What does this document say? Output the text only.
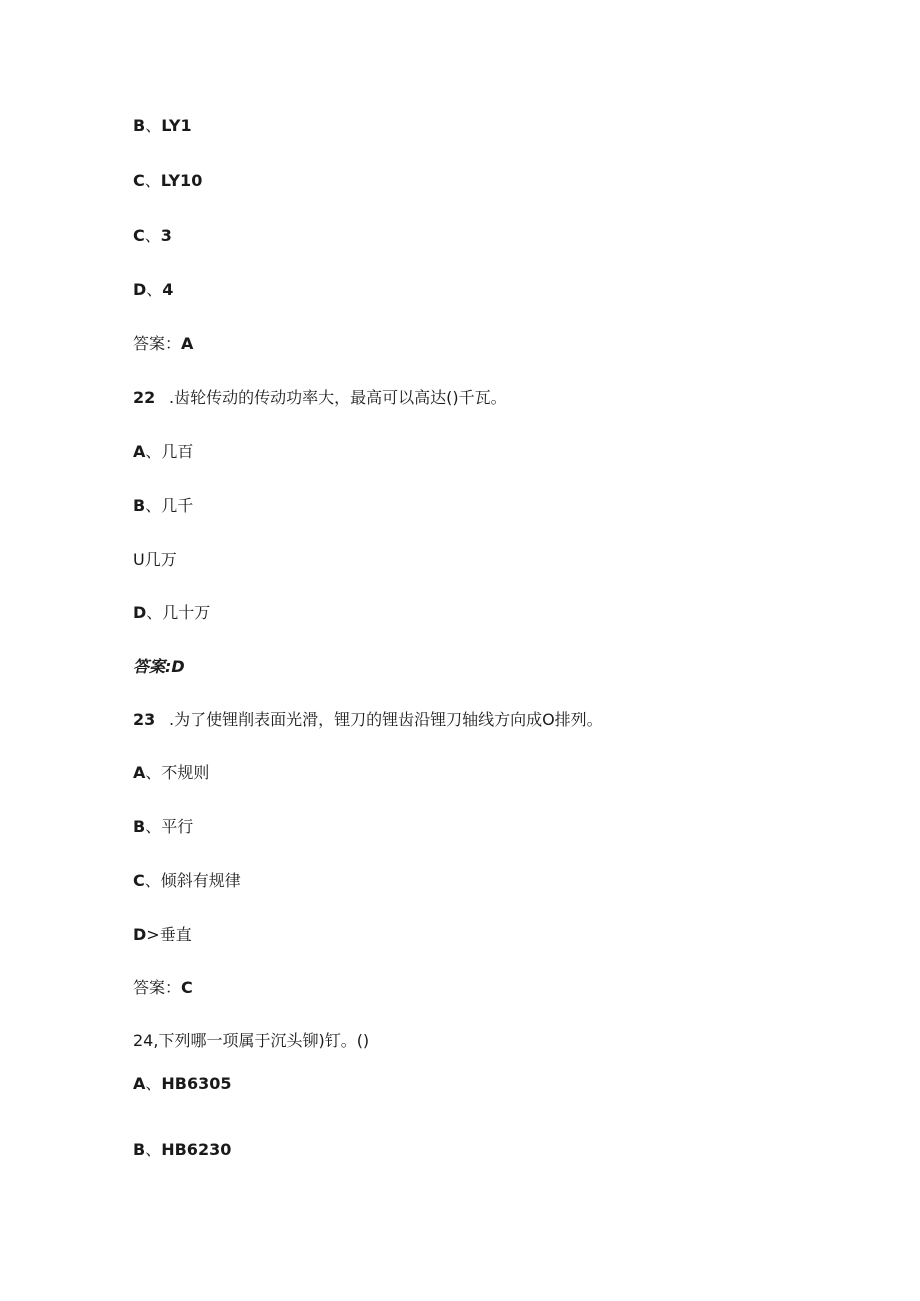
B、LY1
C、LY10
C、3
D、4
答案：A
22 .齿轮传动的传动功率大，最高可以高达()千瓦。
A、几百
B、几千
U几万
D、几十万
答案:D
23 .为了使锂削表面光滑，锂刀的锂齿沿锂刀轴线方向成O排列。
A、不规则
B、平行
C、倾斜有规律
D>垂直
答案：C
24,下列哪一项属于沉头铆)钉。()
A、HB6305
B、HB6230
